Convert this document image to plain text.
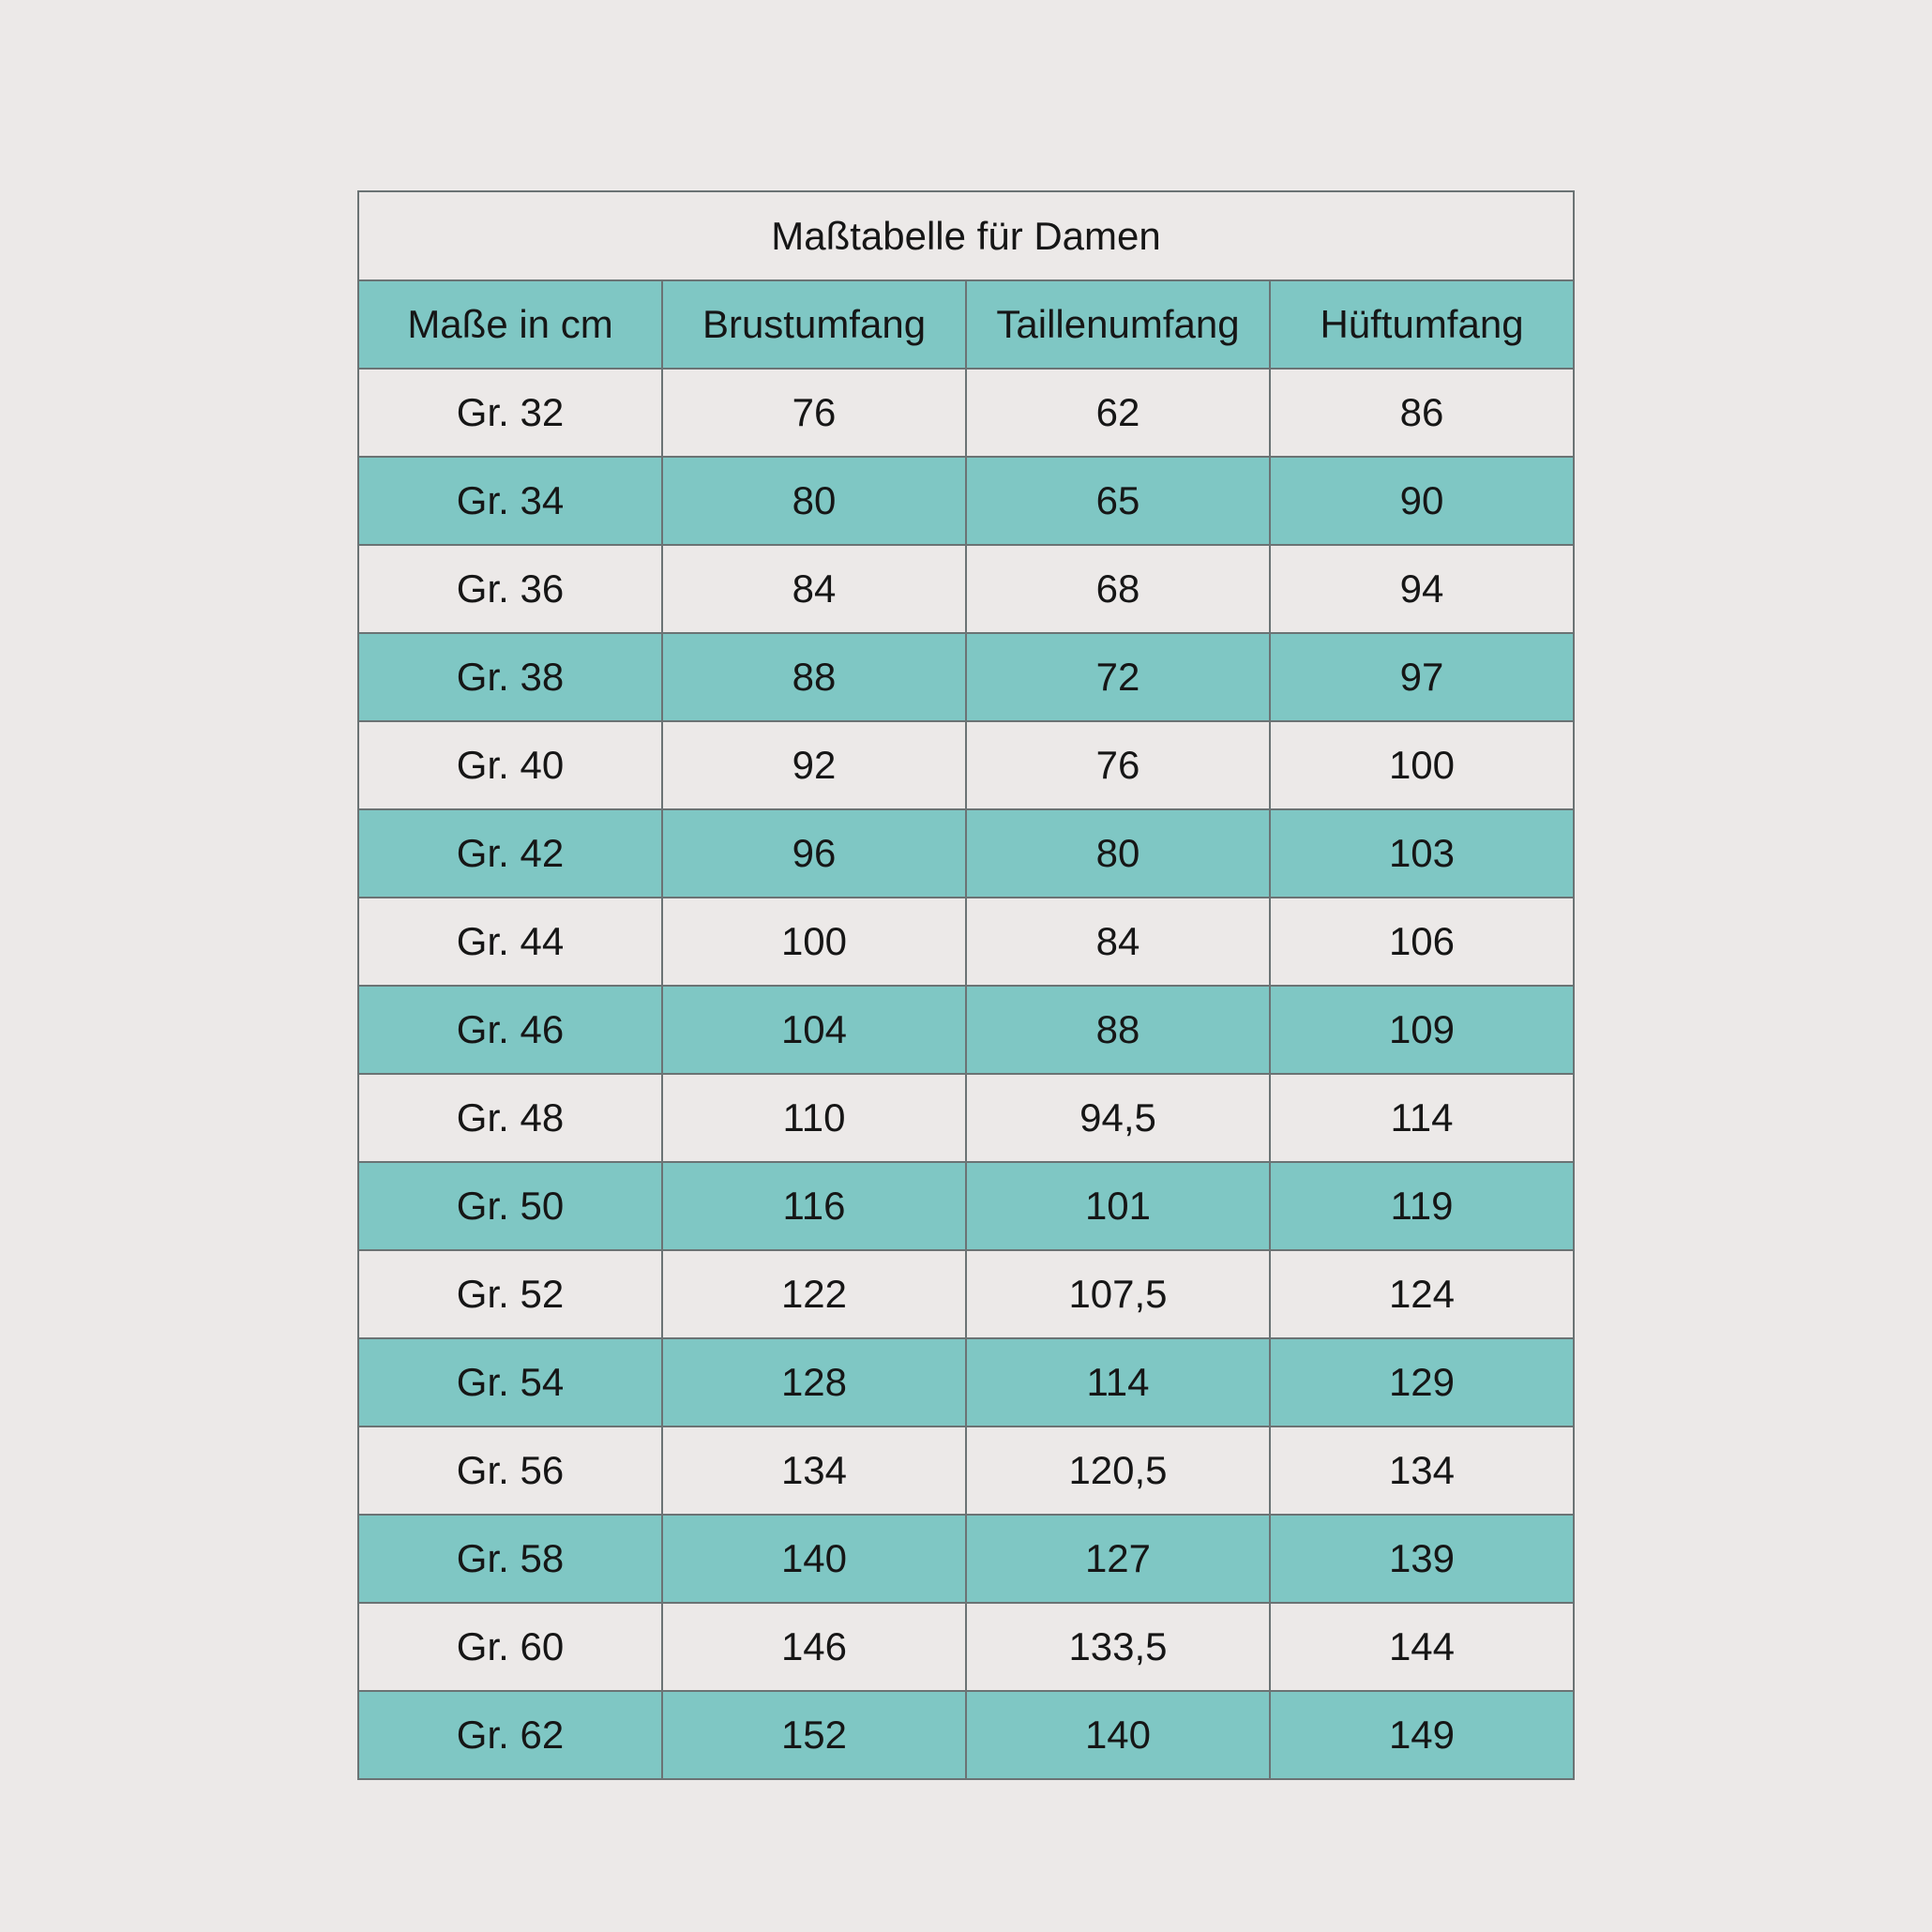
Maßtabelle für Damen			
Maße in cm	Brustumfang	Taillenumfang	Hüftumfang
Gr. 32	76	62	86
Gr. 34	80	65	90
Gr. 36	84	68	94
Gr. 38	88	72	97
Gr. 40	92	76	100
Gr. 42	96	80	103
Gr. 44	100	84	106
Gr. 46	104	88	109
Gr. 48	110	94,5	114
Gr. 50	116	101	119
Gr. 52	122	107,5	124
Gr. 54	128	114	129
Gr. 56	134	120,5	134
Gr. 58	140	127	139
Gr. 60	146	133,5	144
Gr. 62	152	140	149
